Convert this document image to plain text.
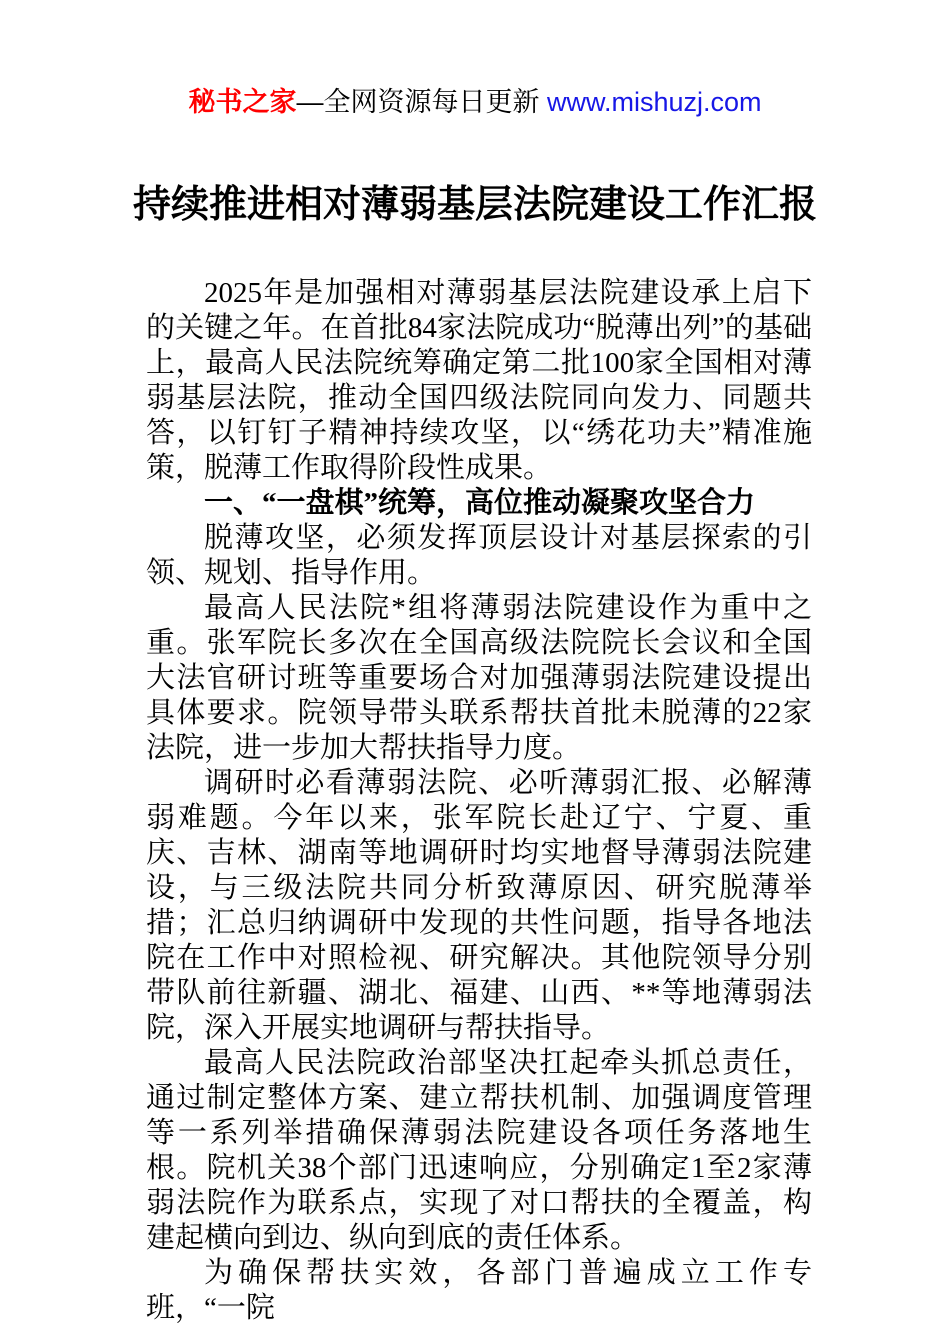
秘书之家—全网资源每日更新 www.mishuzj.com
持续推进相对薄弱基层法院建设工作汇报

2025年是加强相对薄弱基层法院建设承上启下的关键之年。在首批84家法院成功“脱薄出列”的基础上，最高人民法院统筹确定第二批100家全国相对薄弱基层法院，推动全国四级法院同向发力、同题共答，以钉钉子精神持续攻坚，以“绣花功夫”精准施策，脱薄工作取得阶段性成果。

一、“一盘棋”统筹，高位推动凝聚攻坚合力

脱薄攻坚，必须发挥顶层设计对基层探索的引领、规划、指导作用。

最高人民法院*组将薄弱法院建设作为重中之重。张军院长多次在全国高级法院院长会议和全国大法官研讨班等重要场合对加强薄弱法院建设提出具体要求。院领导带头联系帮扶首批未脱薄的22家法院，进一步加大帮扶指导力度。

调研时必看薄弱法院、必听薄弱汇报、必解薄弱难题。今年以来，张军院长赴辽宁、宁夏、重庆、吉林、湖南等地调研时均实地督导薄弱法院建设，与三级法院共同分析致薄原因、研究脱薄举措；汇总归纳调研中发现的共性问题，指导各地法院在工作中对照检视、研究解决。其他院领导分别带队前往新疆、湖北、福建、山西、**等地薄弱法院，深入开展实地调研与帮扶指导。

最高人民法院政治部坚决扛起牵头抓总责任，通过制定整体方案、建立帮扶机制、加强调度管理等一系列举措确保薄弱法院建设各项任务落地生根。院机关38个部门迅速响应，分别确定1至2家薄弱法院作为联系点，实现了对口帮扶的全覆盖，构建起横向到边、纵向到底的责任体系。

为确保帮扶实效，各部门普遍成立工作专班，“一院
